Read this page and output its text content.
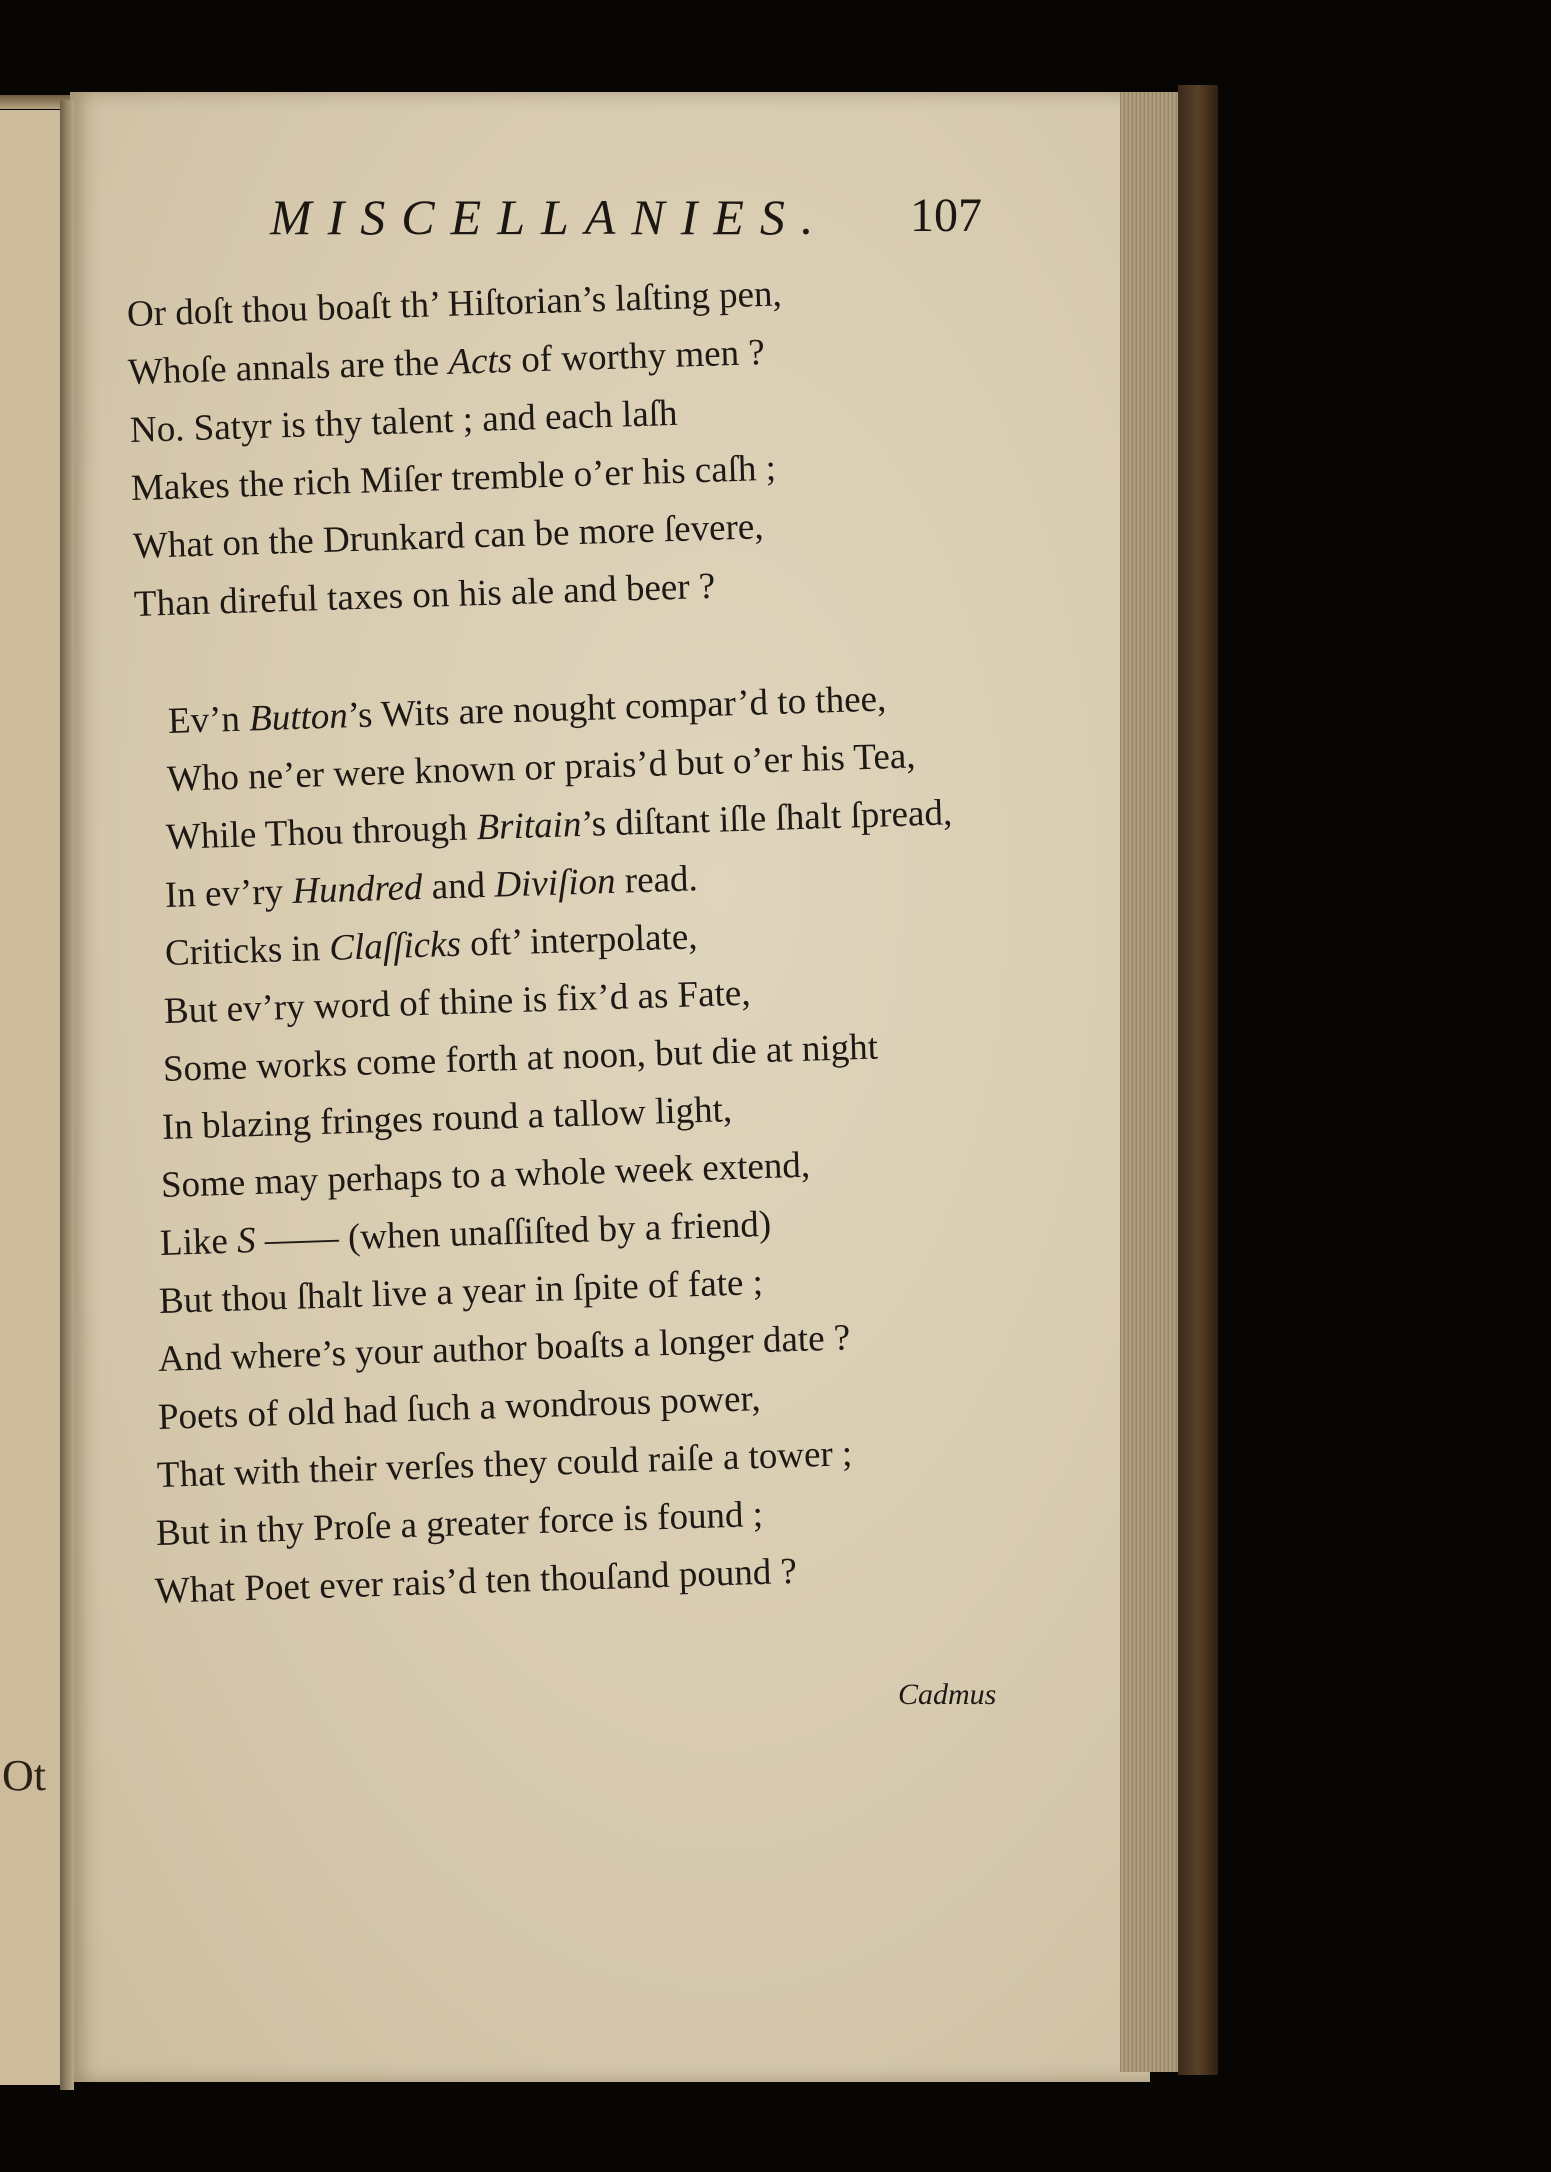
Ot
MISCELLANIES. 107
Or doſt thou boaſt th’ Hiſtorian’s laſting pen,
Whoſe annals are the Acts of worthy men ?
No. Satyr is thy talent ; and each laſh
Makes the rich Miſer tremble o’er his caſh ;
What on the Drunkard can be more ſevere,
Than direful taxes on his ale and beer ?
Ev’n Button’s Wits are nought compar’d to thee,
Who ne’er were known or prais’d but o’er his Tea,
While Thou through Britain’s diſtant iſle ſhalt ſpread,
In ev’ry Hundred and Diviſion read.
Criticks in Claſſicks oft’ interpolate,
But ev’ry word of thine is fix’d as Fate,
Some works come forth at noon, but die at night
In blazing fringes round a tallow light,
Some may perhaps to a whole week extend,
Like S —— (when unaſſiſted by a friend)
But thou ſhalt live a year in ſpite of fate ;
And where’s your author boaſts a longer date ?
Poets of old had ſuch a wondrous power,
That with their verſes they could raiſe a tower ;
But in thy Proſe a greater force is found ;
What Poet ever rais’d ten thouſand pound ?
Cadmus
